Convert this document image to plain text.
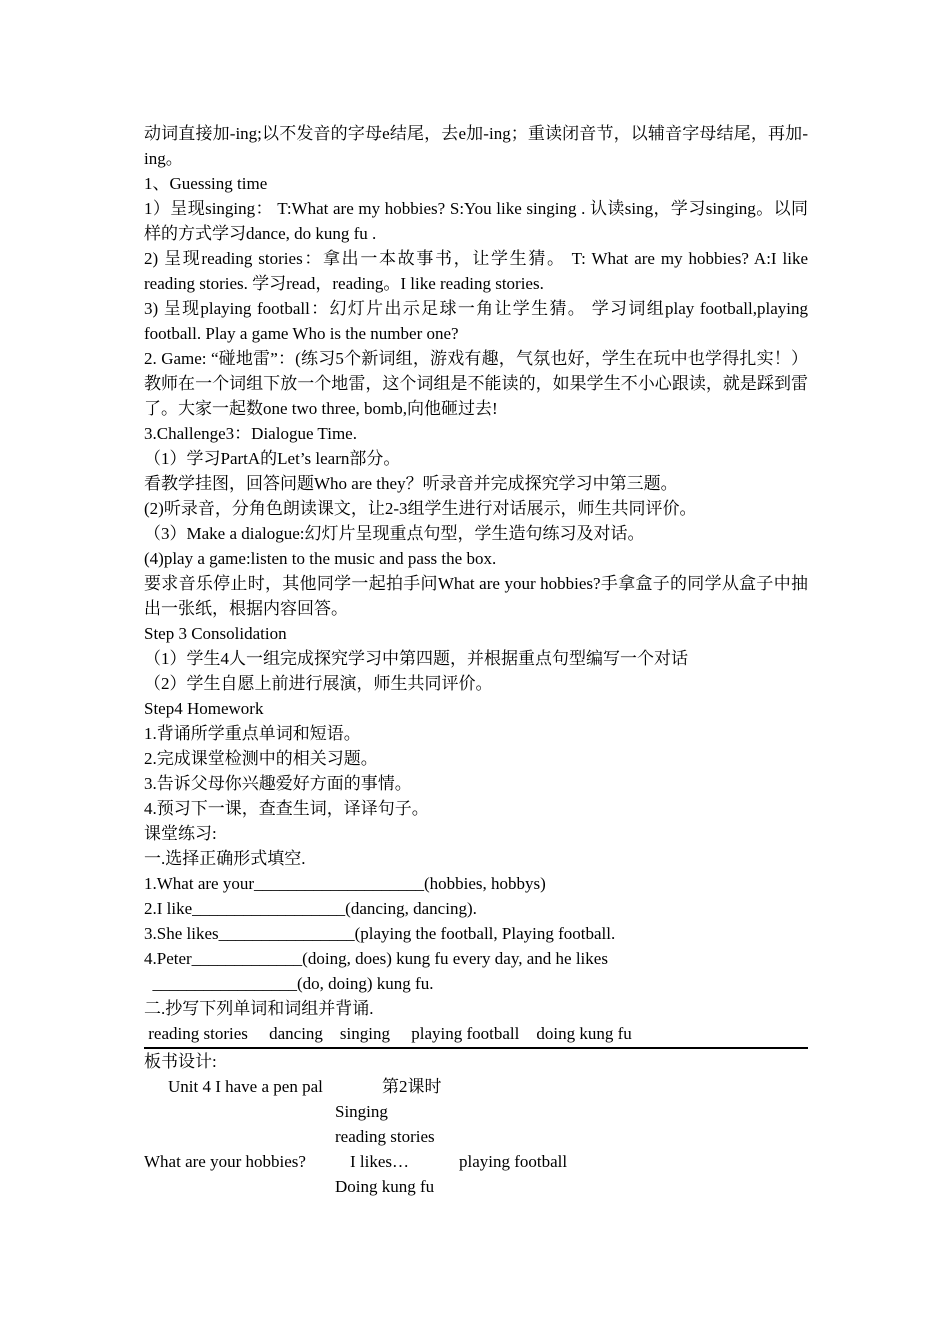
动词直接加-ing;以不发音的字母e结尾，去e加-ing；重读闭音节，以辅音字母结尾，再加-ing。
1、Guessing time
1）呈现singing： T:What are my hobbies? S:You like singing . 认读sing，学习singing。以同样的方式学习dance, do kung fu .
2) 呈现reading stories：拿出一本故事书，让学生猜。 T: What are my hobbies? A:I like reading stories. 学习read，reading。I like reading stories.
3) 呈现playing football：幻灯片出示足球一角让学生猜。 学习词组play football,playing football. Play a game Who is the number one?
2. Game: “碰地雷”：(练习5个新词组，游戏有趣，气氛也好，学生在玩中也学得扎实！）教师在一个词组下放一个地雷，这个词组是不能读的，如果学生不小心跟读，就是踩到雷了。大家一起数one two three, bomb,向他砸过去!
3.Challenge3：Dialogue Time.
（1）学习PartA的Let’s learn部分。
看教学挂图，回答问题Who are they？听录音并完成探究学习中第三题。
(2)听录音，分角色朗读课文，让2-3组学生进行对话展示，师生共同评价。
（3）Make a dialogue:幻灯片呈现重点句型，学生造句练习及对话。
(4)play a game:listen to the music and pass the box.
要求音乐停止时，其他同学一起拍手问What are your hobbies?手拿盒子的同学从盒子中抽出一张纸，根据内容回答。
Step 3 Consolidation
（1）学生4人一组完成探究学习中第四题，并根据重点句型编写一个对话
（2）学生自愿上前进行展演，师生共同评价。
Step4 Homework
1.背诵所学重点单词和短语。
2.完成课堂检测中的相关习题。
3.告诉父母你兴趣爱好方面的事情。
4.预习下一课，查查生词，译译句子。
课堂练习:
一.选择正确形式填空.
1.What are your____________________(hobbies, hobbys)
2.I like__________________(dancing, dancing).
3.She likes________________(playing the football, Playing football.
4.Peter_____________(doing, does) kung fu every day, and he likes
_________________(do, doing) kung fu.
二.抄写下列单词和词组并背诵.
reading stories     dancing    singing     playing football    doing kung fu
板书设计:
Unit 4 I have a pen pal	第2课时
Singing
reading stories
What are your hobbies?	I likes…	playing football
Doing kung fu
